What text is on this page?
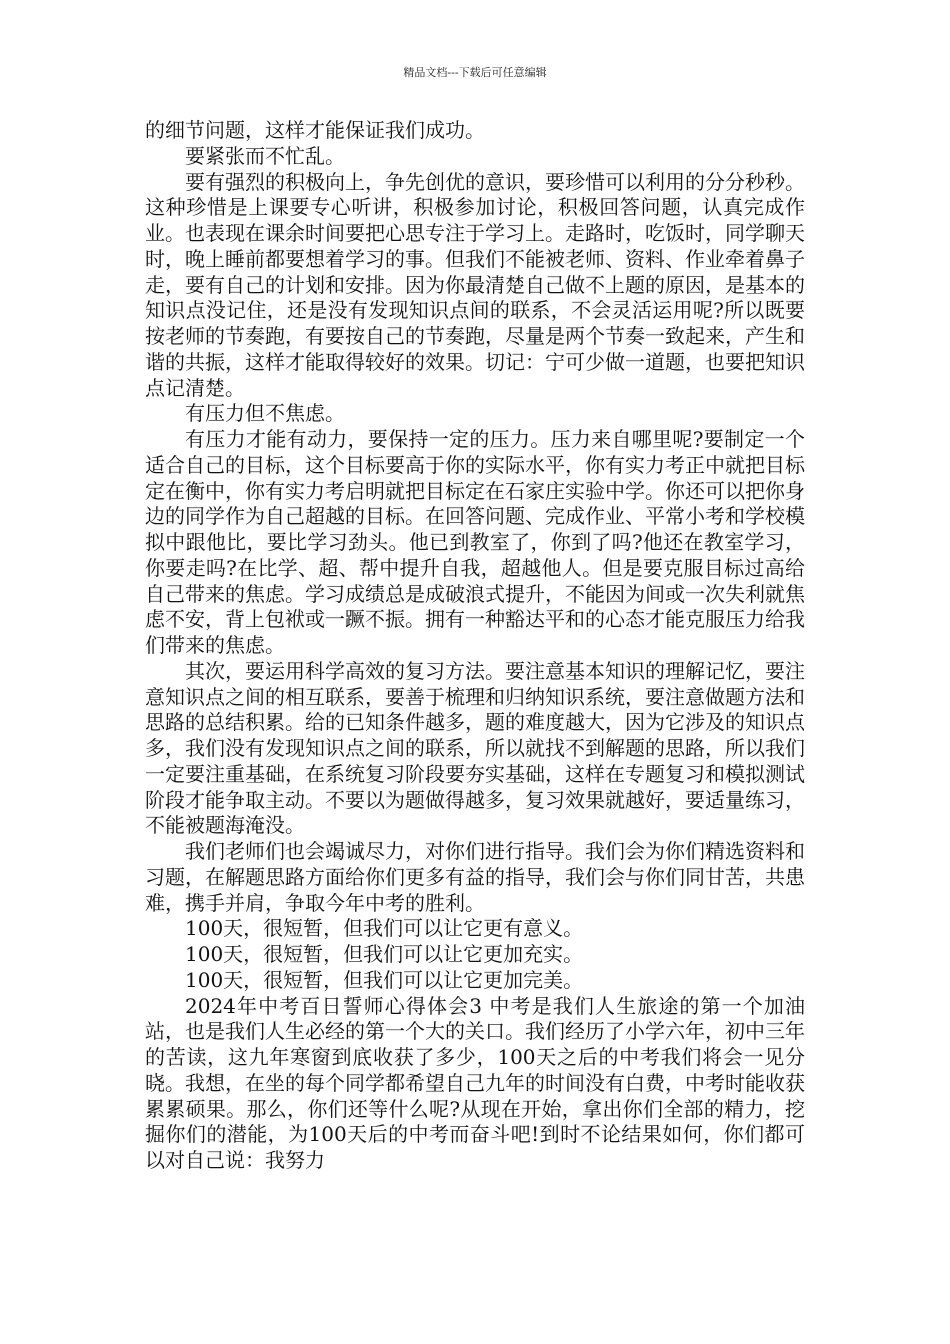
精品文档---下载后可任意编辑

的细节问题，这样才能保证我们成功。

要紧张而不忙乱。

要有强烈的积极向上，争先创优的意识，要珍惜可以利用的分分秒秒。这种珍惜是上课要专心听讲，积极参加讨论，积极回答问题，认真完成作业。也表现在课余时间要把心思专注于学习上。走路时，吃饭时，同学聊天时，晚上睡前都要想着学习的事。但我们不能被老师、资料、作业牵着鼻子走，要有自己的计划和安排。因为你最清楚自己做不上题的原因，是基本的知识点没记住，还是没有发现知识点间的联系，不会灵活运用呢?所以既要按老师的节奏跑，有要按自己的节奏跑，尽量是两个节奏一致起来，产生和谐的共振，这样才能取得较好的效果。切记：宁可少做一道题，也要把知识点记清楚。

有压力但不焦虑。

有压力才能有动力，要保持一定的压力。压力来自哪里呢?要制定一个适合自己的目标，这个目标要高于你的实际水平，你有实力考正中就把目标定在衡中，你有实力考启明就把目标定在石家庄实验中学。你还可以把你身边的同学作为自己超越的目标。在回答问题、完成作业、平常小考和学校模拟中跟他比，要比学习劲头。他已到教室了，你到了吗?他还在教室学习，你要走吗?在比学、超、帮中提升自我，超越他人。但是要克服目标过高给自己带来的焦虑。学习成绩总是成破浪式提升，不能因为间或一次失利就焦虑不安，背上包袱或一蹶不振。拥有一种豁达平和的心态才能克服压力给我们带来的焦虑。

其次，要运用科学高效的复习方法。要注意基本知识的理解记忆，要注意知识点之间的相互联系，要善于梳理和归纳知识系统，要注意做题方法和思路的总结积累。给的已知条件越多，题的难度越大，因为它涉及的知识点多，我们没有发现知识点之间的联系，所以就找不到解题的思路，所以我们一定要注重基础，在系统复习阶段要夯实基础，这样在专题复习和模拟测试阶段才能争取主动。不要以为题做得越多，复习效果就越好，要适量练习，不能被题海淹没。

我们老师们也会竭诚尽力，对你们进行指导。我们会为你们精选资料和习题，在解题思路方面给你们更多有益的指导，我们会与你们同甘苦，共患难，携手并肩，争取今年中考的胜利。

100天，很短暂，但我们可以让它更有意义。

100天，很短暂，但我们可以让它更加充实。

100天，很短暂，但我们可以让它更加完美。

2024年中考百日誓师心得体会3 中考是我们人生旅途的第一个加油站，也是我们人生必经的第一个大的关口。我们经历了小学六年，初中三年的苦读，这九年寒窗到底收获了多少，100天之后的中考我们将会一见分晓。我想，在坐的每个同学都希望自己九年的时间没有白费，中考时能收获累累硕果。那么，你们还等什么呢?从现在开始，拿出你们全部的精力，挖掘你们的潜能，为100天后的中考而奋斗吧!到时不论结果如何，你们都可以对自己说：我努力
